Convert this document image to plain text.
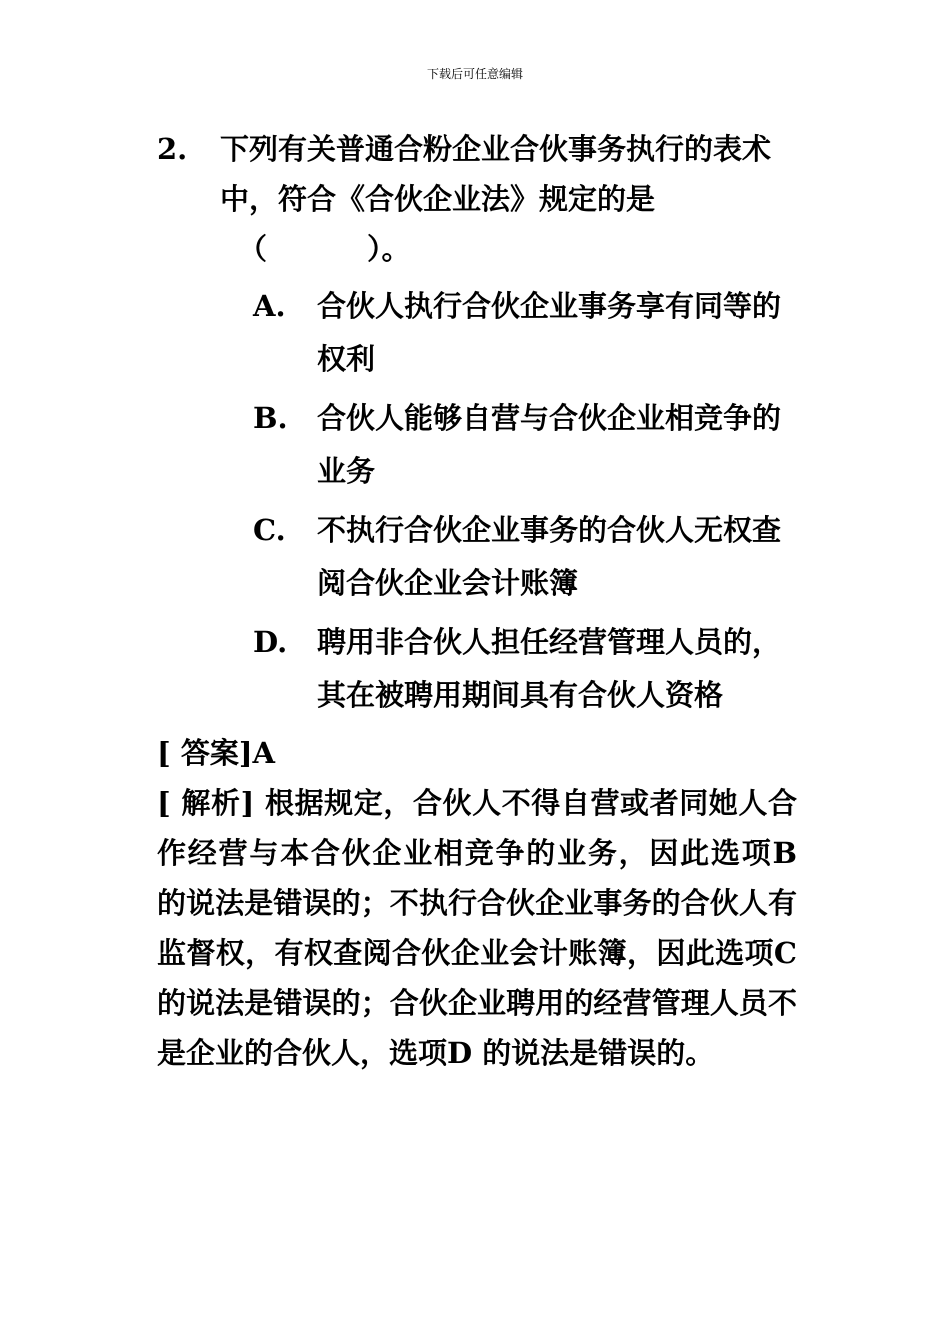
下载后可任意编辑
2. 下列有关普通合粉企业合伙事务执行的表术中，符合《合伙企业法》规定的是
（	）。
A. 合伙人执行合伙企业事务享有同等的权利
B. 合伙人能够自营与合伙企业相竞争的业务
C. 不执行合伙企业事务的合伙人无权查阅合伙企业会计账簿
D. 聘用非合伙人担任经营管理人员的，其在被聘用期间具有合伙人资格

[ 答案]A

[ 解析] 根据规定，合伙人不得自营或者同她人合作经营与本合伙企业相竞争的业务，因此选项B 的说法是错误的；不执行合伙企业事务的合伙人有监督权，有权查阅合伙企业会计账簿，因此选项C 的说法是错误的；合伙企业聘用的经营管理人员不是企业的合伙人，选项D 的说法是错误的。
